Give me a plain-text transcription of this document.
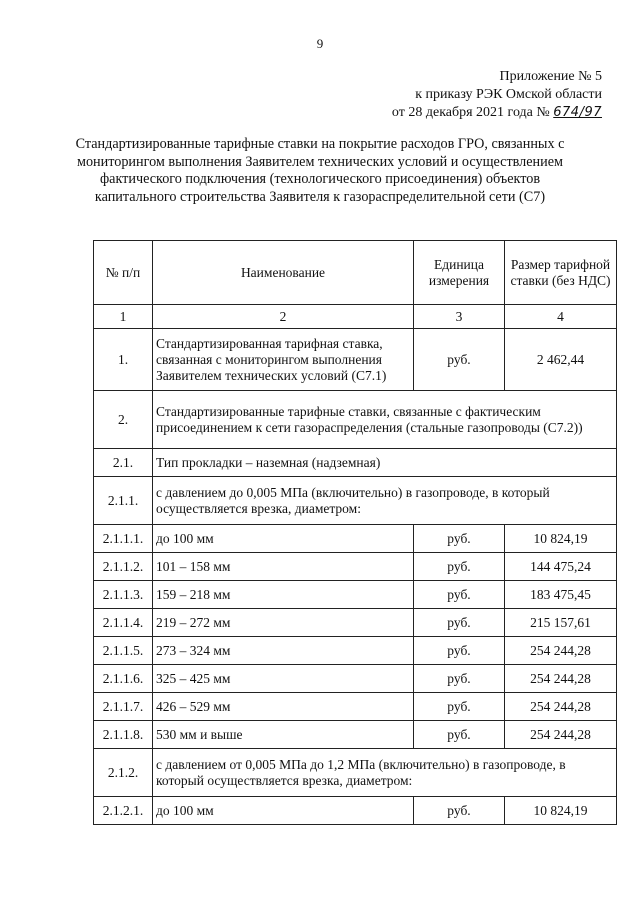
9
Приложение № 5
к приказу РЭК Омской области
от 28 декабря 2021 года № 674/97
Стандартизированные тарифные ставки на покрытие расходов ГРО, связанных с мониторингом выполнения Заявителем технических условий и осуществлением фактического подключения (технологического присоединения) объектов капитального строительства Заявителя к газораспределительной сети (С7)
№ п/п	Наименование	Единица измерения	Размер тарифной ставки (без НДС)
1	2	3	4
1.	Стандартизированная тарифная ставка, связанная с мониторингом выполнения Заявителем технических условий (С7.1)	руб.	2 462,44
2.	Стандартизированные тарифные ставки, связанные с фактическим присоединением к сети газораспределения (стальные газопроводы (С7.2))		
2.1.	Тип прокладки – наземная (надземная)		
2.1.1.	с давлением до 0,005 МПа (включительно) в газопроводе, в который осуществляется врезка, диаметром:		
2.1.1.1.	до 100 мм	руб.	10 824,19
2.1.1.2.	101 – 158 мм	руб.	144 475,24
2.1.1.3.	159 – 218 мм	руб.	183 475,45
2.1.1.4.	219 – 272 мм	руб.	215 157,61
2.1.1.5.	273 – 324 мм	руб.	254 244,28
2.1.1.6.	325 – 425 мм	руб.	254 244,28
2.1.1.7.	426 – 529 мм	руб.	254 244,28
2.1.1.8.	530 мм и выше	руб.	254 244,28
2.1.2.	с давлением от 0,005 МПа до 1,2 МПа (включительно) в газопроводе, в который осуществляется врезка, диаметром:		
2.1.2.1.	до 100 мм	руб.	10 824,19
